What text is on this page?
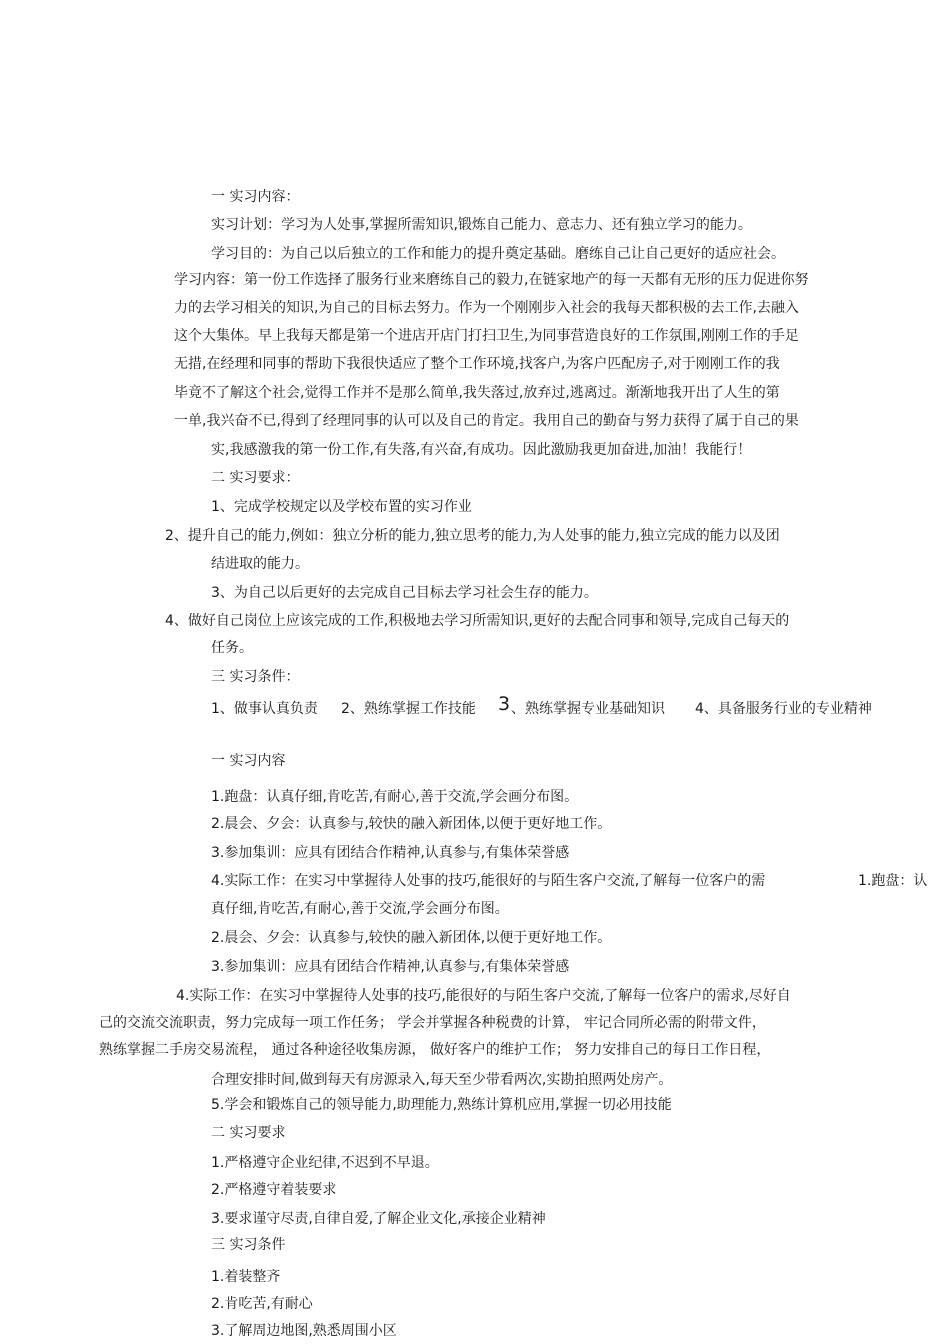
一 实习内容：
实习计划：学习为人处事,掌握所需知识,锻炼自己能力、意志力、还有独立学习的能力。
学习目的：为自己以后独立的工作和能力的提升奠定基础。磨练自己让自己更好的适应社会。
学习内容：第一份工作选择了服务行业来磨练自己的毅力,在链家地产的每一天都有无形的压力促进你努
力的去学习相关的知识,为自己的目标去努力。作为一个刚刚步入社会的我每天都积极的去工作,去融入
这个大集体。早上我每天都是第一个进店开店门打扫卫生,为同事营造良好的工作氛围,刚刚工作的手足
无措,在经理和同事的帮助下我很快适应了整个工作环境,找客户,为客户匹配房子,对于刚刚工作的我
毕竟不了解这个社会,觉得工作并不是那么简单,我失落过,放弃过,逃离过。渐渐地我开出了人生的第
一单,我兴奋不已,得到了经理同事的认可以及自己的肯定。我用自己的勤奋与努力获得了属于自己的果
实,我感激我的第一份工作,有失落,有兴奋,有成功。因此激励我更加奋进,加油！我能行！
二 实习要求：
1、完成学校规定以及学校布置的实习作业
2、提升自己的能力,例如：独立分析的能力,独立思考的能力,为人处事的能力,独立完成的能力以及团
结进取的能力。
3、为自己以后更好的去完成自己目标去学习社会生存的能力。
4、做好自己岗位上应该完成的工作,积极地去学习所需知识,更好的去配合同事和领导,完成自己每天的
任务。
三 实习条件：
1、做事认真负责 2、熟练掌握工作技能 3 、熟练掌握专业基础知识 4、具备服务行业的专业精神
一 实习内容
1.跑盘：认真仔细,肯吃苦,有耐心,善于交流,学会画分布图。
2.晨会、夕会：认真参与,较快的融入新团体,以便于更好地工作。
3.参加集训：应具有团结合作精神,认真参与,有集体荣誉感
4.实际工作：在实习中掌握待人处事的技巧,能很好的与陌生客户交流,了解每一位客户的需	1.跑盘：认
真仔细,肯吃苦,有耐心,善于交流,学会画分布图。
2.晨会、夕会：认真参与,较快的融入新团体,以便于更好地工作。
3.参加集训：应具有团结合作精神,认真参与,有集体荣誉感
4.实际工作：在实习中掌握待人处事的技巧,能很好的与陌生客户交流,了解每一位客户的需求,尽好自
己的交流交流职责，努力完成每一项工作任务； 学会并掌握各种税费的计算， 牢记合同所必需的附带文件，
熟练掌握二手房交易流程， 通过各种途径收集房源， 做好客户的维护工作； 努力安排自己的每日工作日程，
合理安排时间,做到每天有房源录入,每天至少带看两次,实勘拍照两处房产。
5.学会和锻炼自己的领导能力,助理能力,熟练计算机应用,掌握一切必用技能
二 实习要求
1.严格遵守企业纪律,不迟到不早退。
2.严格遵守着装要求
3.要求谨守尽责,自律自爱,了解企业文化,承接企业精神
三 实习条件
1.着装整齐
2.肯吃苦,有耐心
3.了解周边地图,熟悉周围小区
